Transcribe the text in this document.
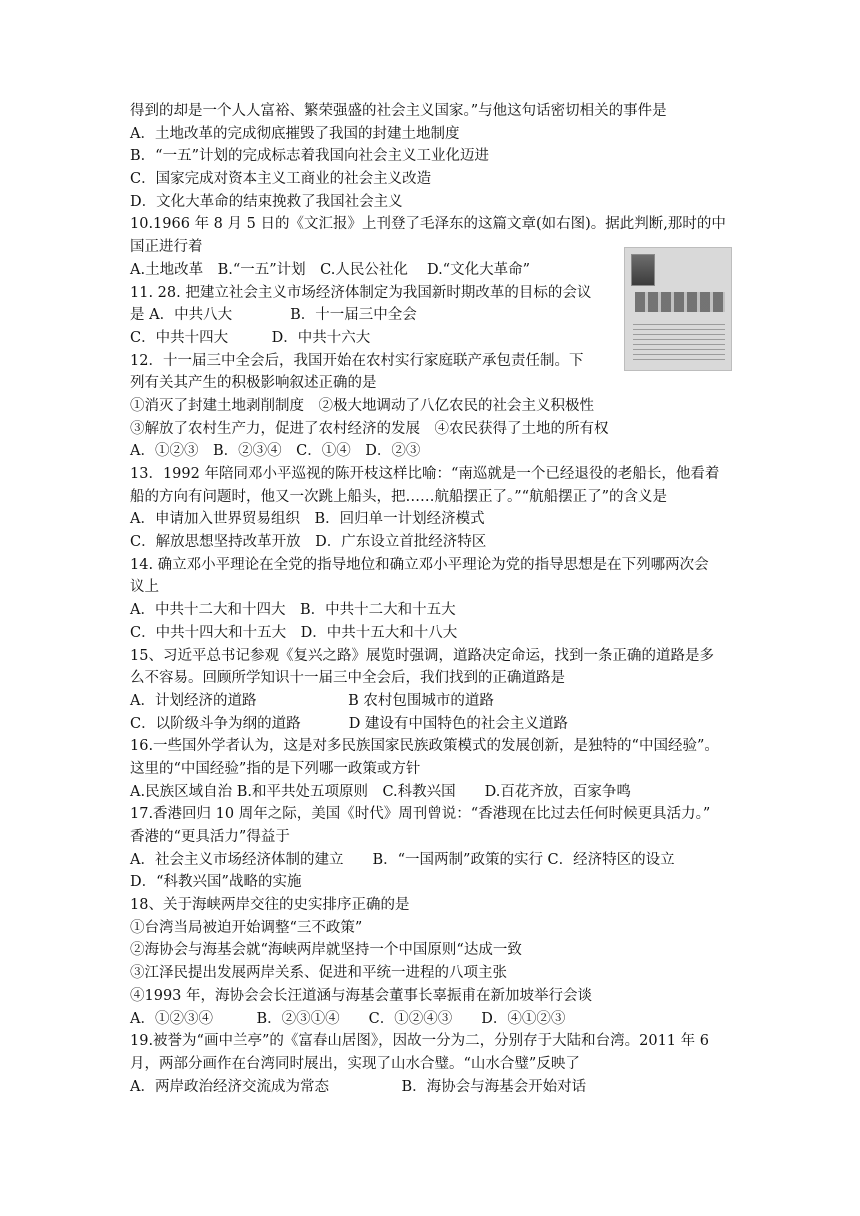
得到的却是一个人人富裕、繁荣强盛的社会主义国家。”与他这句话密切相关的事件是
A．土地改革的完成彻底摧毁了我国的封建土地制度
B．“一五”计划的完成标志着我国向社会主义工业化迈进
C．国家完成对资本主义工商业的社会主义改造
D．文化大革命的结束挽救了我国社会主义
10.1966 年 8 月 5 日的《文汇报》上刊登了毛泽东的这篇文章(如右图)。据此判断,那时的中
国正进行着
A.土地改革　B.“一五”计划　C.人民公社化　 D.“文化大革命”
11. 28. 把建立社会主义市场经济体制定为我国新时期改革的目标的会议
是 A．中共八大　　　　B．十一届三中全会
C．中共十四大　　　D．中共十六大
12．十一届三中全会后，我国开始在农村实行家庭联产承包责任制。下
列有关其产生的积极影响叙述正确的是
①消灭了封建土地剥削制度　②极大地调动了八亿农民的社会主义积极性
③解放了农村生产力，促进了农村经济的发展　④农民获得了土地的所有权
A．①②③　B．②③④　C．①④　D．②③
13．1992 年陪同邓小平巡视的陈开枝这样比喻：“南巡就是一个已经退役的老船长，他看着
船的方向有问题时，他又一次跳上船头，把……航船摆正了。”“航船摆正了”的含义是
A．申请加入世界贸易组织　B．回归单一计划经济模式
C．解放思想坚持改革开放　D．广东设立首批经济特区
14. 确立邓小平理论在全党的指导地位和确立邓小平理论为党的指导思想是在下列哪两次会
议上
A．中共十二大和十四大　B．中共十二大和十五大
C．中共十四大和十五大　D．中共十五大和十八大
15、习近平总书记参观《复兴之路》展览时强调，道路决定命运，找到一条正确的道路是多
么不容易。回顾所学知识十一届三中全会后，我们找到的正确道路是
A．计划经济的道路　　　　　　 B 农村包围城市的道路
C．以阶级斗争为纲的道路　　　 D 建设有中国特色的社会主义道路
16.一些国外学者认为，这是对多民族国家民族政策模式的发展创新，是独特的“中国经验”。
这里的“中国经验”指的是下列哪一政策或方针
A.民族区域自治 B.和平共处五项原则　C.科教兴国　　D.百花齐放，百家争鸣
17.香港回归 10 周年之际，美国《时代》周刊曾说：“香港现在比过去任何时候更具活力。”
香港的“更具活力”得益于
A．社会主义市场经济体制的建立　　B．“一国两制”政策的实行 C．经济特区的设立
D．“科教兴国”战略的实施
18、关于海峡两岸交往的史实排序正确的是
①台湾当局被迫开始调整“三不政策”
②海协会与海基会就“海峡两岸就坚持一个中国原则“达成一致
③江泽民提出发展两岸关系、促进和平统一进程的八项主张
④1993 年，海协会会长汪道涵与海基会董事长辜振甫在新加坡举行会谈
A．①②③④　　　B．②③①④　　C．①②④③　　D．④①②③
19.被誉为“画中兰亭”的《富春山居图》，因故一分为二，分别存于大陆和台湾。2011 年 6
月，两部分画作在台湾同时展出，实现了山水合璧。“山水合璧”反映了
A．两岸政治经济交流成为常态　　　　　B．海协会与海基会开始对话
